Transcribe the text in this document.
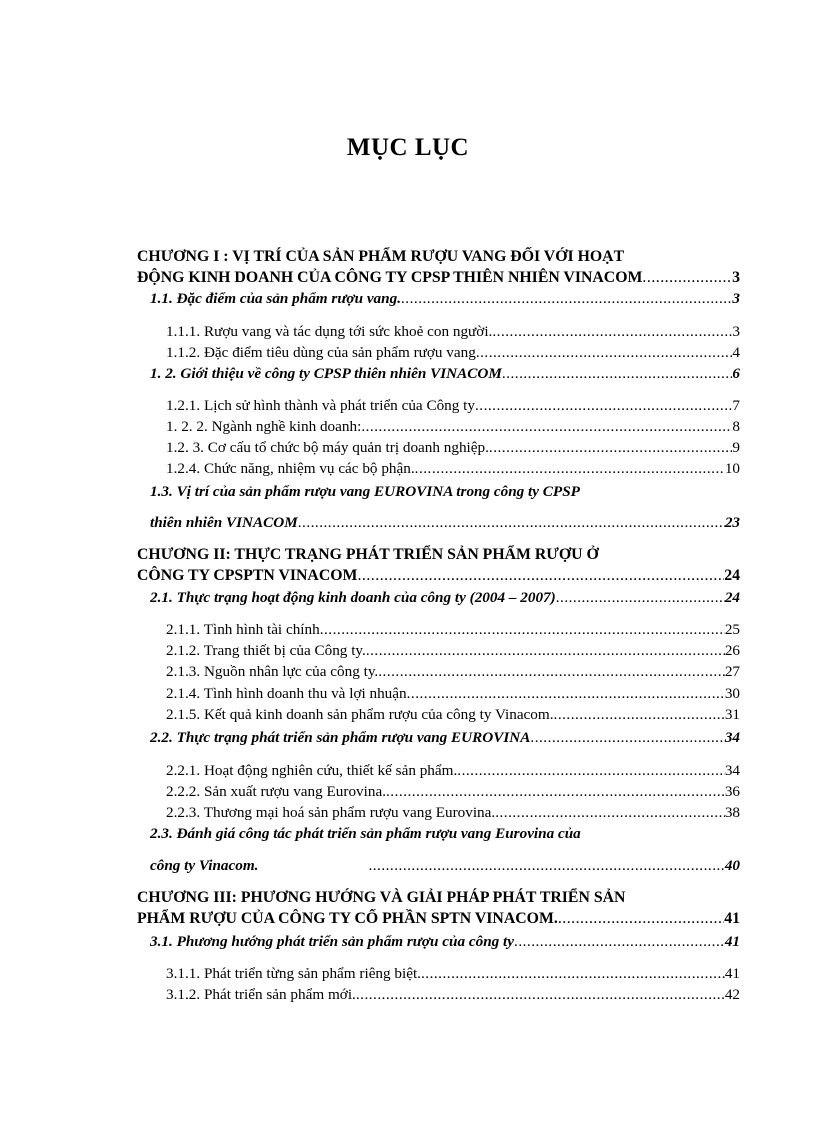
MỤC LỤC
CHƯƠNG I : VỊ TRÍ CỦA SẢN PHẨM RƯỢU VANG ĐỐI VỚI HOẠT
ĐỘNG KINH DOANH CỦA CÔNG TY CPSP THIÊN NHIÊN VINACOM .....	3
1.1. Đặc điểm của sản phẩm rượu vang. .....	3
1.1.1. Rượu vang và tác dụng tới sức khoẻ con người. .....	3
1.1.2. Đặc điểm tiêu dùng của sản phẩm rượu vang .....	4
1. 2. Giới thiệu về công ty CPSP thiên nhiên VINACOM .....	6
1.2.1. Lịch sử hình thành và phát triển của Công ty .....	7
1. 2. 2. Ngành nghề kinh doanh: .....	8
1.2. 3. Cơ cấu tổ chức bộ máy quản trị doanh nghiệp. .....	9
1.2.4. Chức năng, nhiệm vụ các bộ phận. .....	10
1.3. Vị trí của sản phẩm rượu vang EUROVINA trong công ty CPSP
thiên nhiên VINACOM .....	23
CHƯƠNG II: THỰC TRẠNG PHÁT TRIỂN SẢN PHẨM RƯỢU Ở
CÔNG TY CPSPTN VINACOM .....	24
2.1. Thực trạng hoạt động kinh doanh của công ty (2004 – 2007) .....	24
2.1.1. Tình hình tài chính .....	25
2.1.2. Trang thiết bị của Công ty. .....	26
2.1.3. Nguồn nhân lực của công ty. .....	27
2.1.4. Tình hình doanh thu và lợi nhuận .....	30
2.1.5. Kết quả kinh doanh sản phẩm rượu của công ty Vinacom. .....	31
2.2. Thực trạng phát triển sản phẩm rượu vang EUROVINA .....	34
2.2.1. Hoạt động nghiên cứu, thiết kế sản phẩm. .....	34
2.2.2. Sản xuất rượu vang Eurovina. .....	36
2.2.3. Thương mại hoá sản phẩm rượu vang Eurovina. .....	38
2.3. Đánh giá công tác phát triển sản phẩm rượu vang Eurovina của
công ty Vinacom. .....	40
CHƯƠNG III: PHƯƠNG HƯỚNG VÀ GIẢI PHÁP PHÁT TRIỂN SẢN
PHẨM RƯỢU CỦA CÔNG TY CỔ PHẦN SPTN VINACOM. .....	41
3.1. Phương hướng phát triển sản phẩm rượu của công ty .....	41
3.1.1. Phát triển từng sản phẩm riêng biệt. .....	41
3.1.2. Phát triển sản phẩm mới. .....	42
